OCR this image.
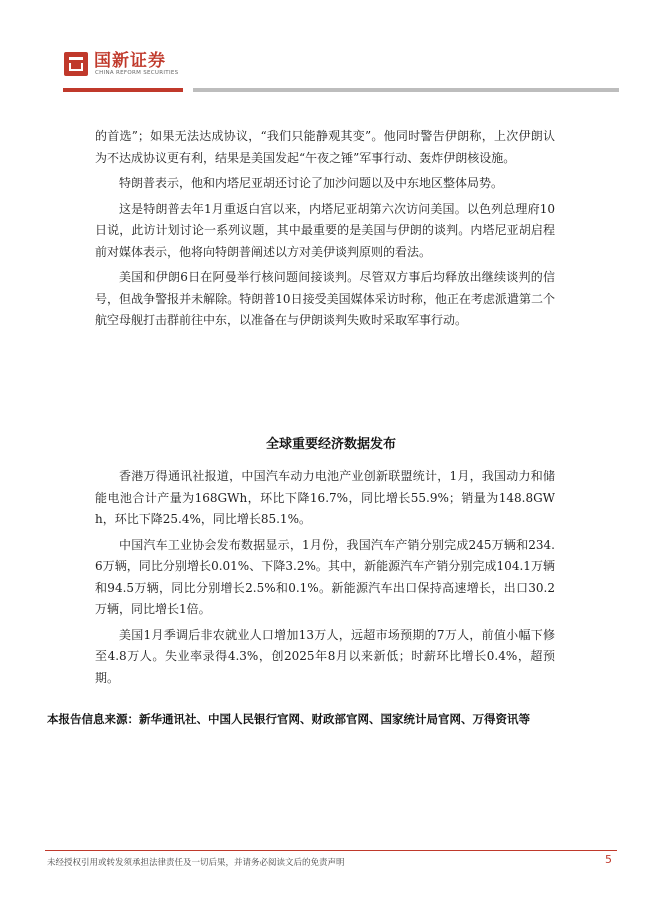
国新证券
CHINA REFORM SECURITIES

的首选”；如果无法达成协议，“我们只能静观其变”。他同时警告伊朗称，上次伊朗认为不达成协议更有利，结果是美国发起“午夜之锤”军事行动、轰炸伊朗核设施。

特朗普表示，他和内塔尼亚胡还讨论了加沙问题以及中东地区整体局势。

这是特朗普去年1月重返白宫以来，内塔尼亚胡第六次访问美国。以色列总理府10日说，此访计划讨论一系列议题，其中最重要的是美国与伊朗的谈判。内塔尼亚胡启程前对媒体表示，他将向特朗普阐述以方对美伊谈判原则的看法。

美国和伊朗6日在阿曼举行核问题间接谈判。尽管双方事后均释放出继续谈判的信号，但战争警报并未解除。特朗普10日接受美国媒体采访时称，他正在考虑派遣第二个航空母舰打击群前往中东，以准备在与伊朗谈判失败时采取军事行动。

全球重要经济数据发布

香港万得通讯社报道，中国汽车动力电池产业创新联盟统计，1月，我国动力和储能电池合计产量为168GWh，环比下降16.7%，同比增长55.9%；销量为148.8GWh，环比下降25.4%，同比增长85.1%。

中国汽车工业协会发布数据显示，1月份，我国汽车产销分别完成245万辆和234.6万辆，同比分别增长0.01%、下降3.2%。其中，新能源汽车产销分别完成104.1万辆和94.5万辆，同比分别增长2.5%和0.1%。新能源汽车出口保持高速增长，出口30.2万辆，同比增长1倍。

美国1月季调后非农就业人口增加13万人，远超市场预期的7万人，前值小幅下修至4.8万人。失业率录得4.3%，创2025年8月以来新低；时薪环比增长0.4%，超预期。

本报告信息来源：新华通讯社、中国人民银行官网、财政部官网、国家统计局官网、万得资讯等
未经授权引用或转发须承担法律责任及一切后果，并请务必阅读文后的免责声明	5
